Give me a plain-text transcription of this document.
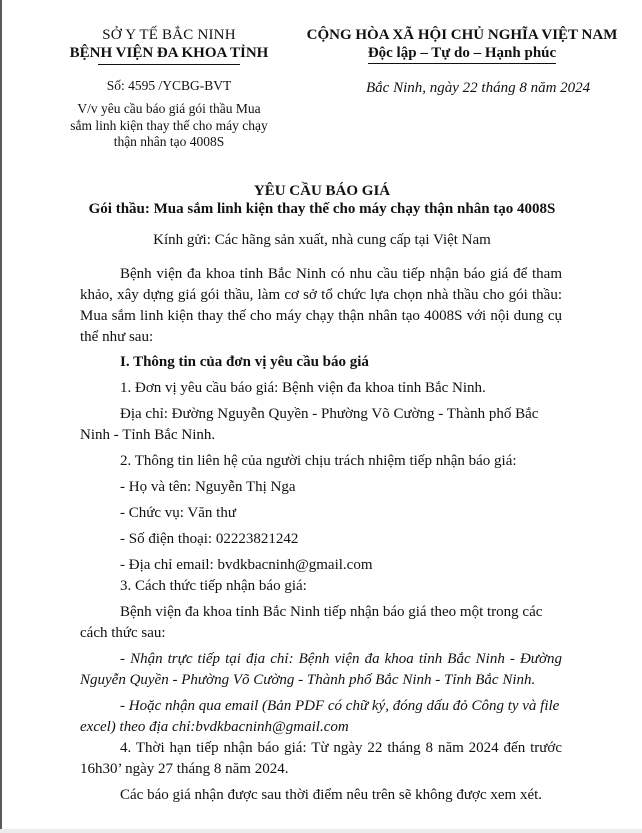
SỞ Y TẾ BẮC NINH
BỆNH VIỆN ĐA KHOA TỈNH
Số: 4595 /YCBG-BVT
V/v yêu cầu báo giá gói thầu Mua sắm linh kiện thay thế cho máy chạy thận nhân tạo 4008S
CỘNG HÒA XÃ HỘI CHỦ NGHĨA VIỆT NAM
Độc lập – Tự do – Hạnh phúc
Bắc Ninh, ngày 22 tháng 8 năm 2024
YÊU CẦU BÁO GIÁ
Gói thầu: Mua sắm linh kiện thay thế cho máy chạy thận nhân tạo 4008S
Kính gửi: Các hãng sản xuất, nhà cung cấp tại Việt Nam

Bệnh viện đa khoa tỉnh Bắc Ninh có nhu cầu tiếp nhận báo giá để tham khảo, xây dựng giá gói thầu, làm cơ sở tổ chức lựa chọn nhà thầu cho gói thầu: Mua sắm linh kiện thay thế cho máy chạy thận nhân tạo 4008S với nội dung cụ thể như sau:

I. Thông tin của đơn vị yêu cầu báo giá

1. Đơn vị yêu cầu báo giá: Bệnh viện đa khoa tỉnh Bắc Ninh.

Địa chỉ: Đường Nguyễn Quyền - Phường Võ Cường - Thành phố Bắc Ninh - Tỉnh Bắc Ninh.

2. Thông tin liên hệ của người chịu trách nhiệm tiếp nhận báo giá:

- Họ và tên: Nguyễn Thị Nga

- Chức vụ: Văn thư

- Số điện thoại: 02223821242

- Địa chỉ email: bvdkbacninh@gmail.com

3. Cách thức tiếp nhận báo giá:

Bệnh viện đa khoa tỉnh Bắc Ninh tiếp nhận báo giá theo một trong các cách thức sau:

- Nhận trực tiếp tại địa chỉ: Bệnh viện đa khoa tỉnh Bắc Ninh - Đường Nguyễn Quyền - Phường Võ Cường - Thành phố Bắc Ninh - Tỉnh Bắc Ninh.

- Hoặc nhận qua email (Bản PDF có chữ ký, đóng dấu đỏ Công ty và file excel) theo địa chỉ:bvdkbacninh@gmail.com

4. Thời hạn tiếp nhận báo giá: Từ ngày 22 tháng 8 năm 2024 đến trước 16h30’ ngày 27 tháng 8 năm 2024.

Các báo giá nhận được sau thời điểm nêu trên sẽ không được xem xét.
